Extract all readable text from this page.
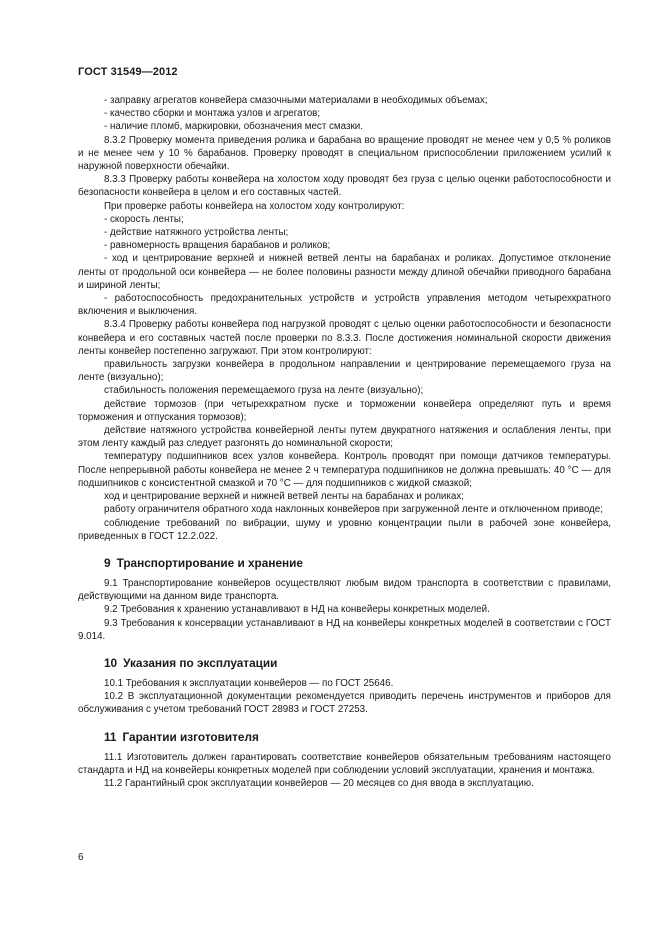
ГОСТ 31549—2012

- заправку агрегатов конвейера смазочными материалами в необходимых объемах;

- качество сборки и монтажа узлов и агрегатов;

- наличие пломб, маркировки, обозначения мест смазки.

8.3.2 Проверку момента приведения ролика и барабана во вращение проводят не менее чем у 0,5 % роликов и не менее чем у 10 % барабанов. Проверку проводят в специальном приспособлении приложением усилий к наружной поверхности обечайки.

8.3.3 Проверку работы конвейера на холостом ходу проводят без груза с целью оценки работоспособности и безопасности конвейера в целом и его составных частей.

При проверке работы конвейера на холостом ходу контролируют:

- скорость ленты;

- действие натяжного устройства ленты;

- равномерность вращения барабанов и роликов;

- ход и центрирование верхней и нижней ветвей ленты на барабанах и роликах. Допустимое отклонение ленты от продольной оси конвейера — не более половины разности между длиной обечайки приводного барабана и шириной ленты;

- работоспособность предохранительных устройств и устройств управления методом четырехкратного включения и выключения.

8.3.4 Проверку работы конвейера под нагрузкой проводят с целью оценки работоспособности и безопасности конвейера и его составных частей после проверки по 8.3.3. После достижения номинальной скорости движения ленты конвейер постепенно загружают. При этом контролируют:

правильность загрузки конвейера в продольном направлении и центрирование перемещаемого груза на ленте (визуально);

стабильность положения перемещаемого груза на ленте (визуально);

действие тормозов (при четырехкратном пуске и торможении конвейера определяют путь и время торможения и отпускания тормозов);

действие натяжного устройства конвейерной ленты путем двукратного натяжения и ослабления ленты, при этом ленту каждый раз следует разгонять до номинальной скорости;

температуру подшипников всех узлов конвейера. Контроль проводят при помощи датчиков температуры. После непрерывной работы конвейера не менее 2 ч температура подшипников не должна превышать: 40 °С — для подшипников с консистентной смазкой и 70 °С — для подшипников с жидкой смазкой;

ход и центрирование верхней и нижней ветвей ленты на барабанах и роликах;

работу ограничителя обратного хода наклонных конвейеров при загруженной ленте и отключенном приводе;

соблюдение требований по вибрации, шуму и уровню концентрации пыли в рабочей зоне конвейера, приведенных в ГОСТ 12.2.022.

9 Транспортирование и хранение

9.1 Транспортирование конвейеров осуществляют любым видом транспорта в соответствии с правилами, действующими на данном виде транспорта.

9.2 Требования к хранению устанавливают в НД на конвейеры конкретных моделей.

9.3 Требования к консервации устанавливают в НД на конвейеры конкретных моделей в соответствии с ГОСТ 9.014.

10 Указания по эксплуатации

10.1 Требования к эксплуатации конвейеров — по ГОСТ 25646.

10.2 В эксплуатационной документации рекомендуется приводить перечень инструментов и приборов для обслуживания с учетом требований ГОСТ 28983 и ГОСТ 27253.

11 Гарантии изготовителя

11.1 Изготовитель должен гарантировать соответствие конвейеров обязательным требованиям настоящего стандарта и НД на конвейеры конкретных моделей при соблюдении условий эксплуатации, хранения и монтажа.

11.2 Гарантийный срок эксплуатации конвейеров — 20 месяцев со дня ввода в эксплуатацию.

6
